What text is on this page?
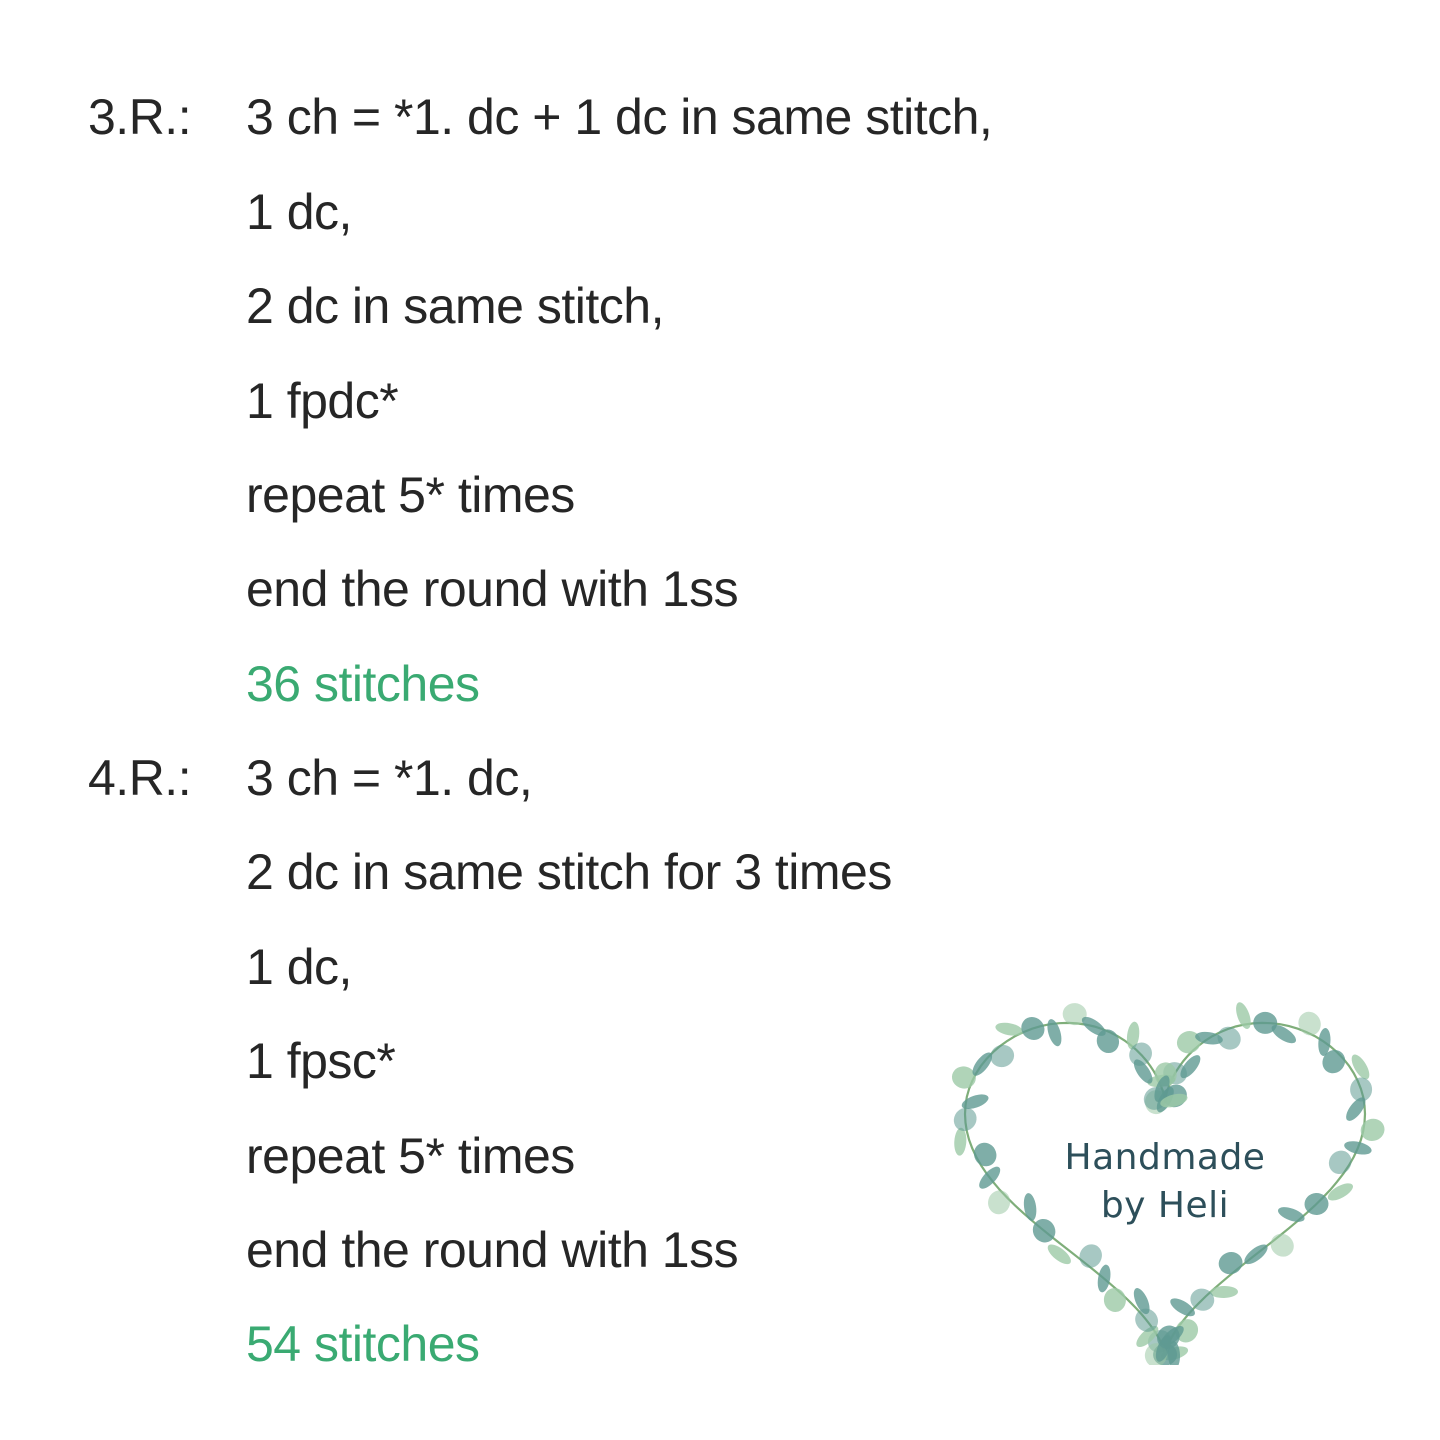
3.R.: 3 ch = *1. dc + 1 dc in same stitch,
1 dc,
2 dc in same stitch,
1 fpdc*
repeat 5* times
end the round with 1ss
36 stitches
4.R.: 3 ch = *1. dc,
2 dc in same stitch for 3 times
1 dc,
1 fpsc*
repeat 5* times
end the round with 1ss
54 stitches
Handmade
by Heli
